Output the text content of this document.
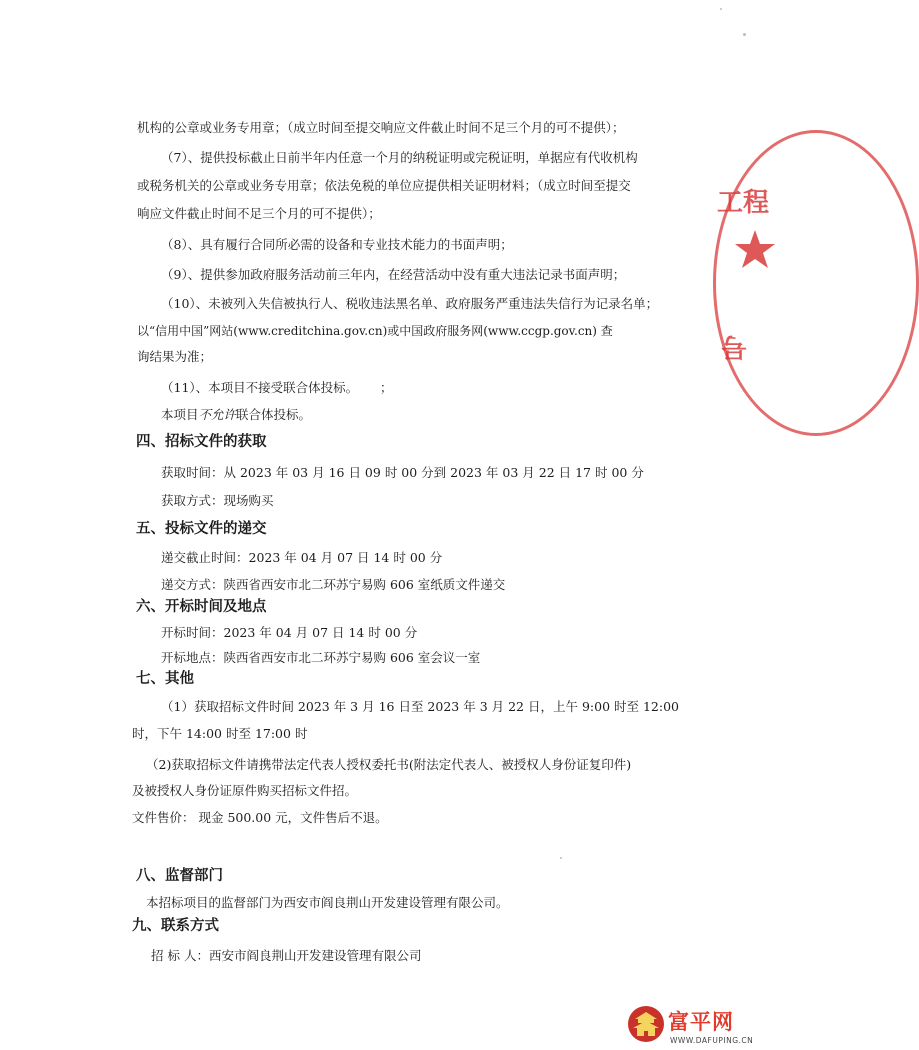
机构的公章或业务专用章；（成立时间至提交响应文件截止时间不足三个月的可不提供）；
（7）、提供投标截止日前半年内任意一个月的纳税证明或完税证明，单据应有代收机构
或税务机关的公章或业务专用章；依法免税的单位应提供相关证明材料；（成立时间至提交
响应文件截止时间不足三个月的可不提供）；
（8）、具有履行合同所必需的设备和专业技术能力的书面声明；
（9）、提供参加政府服务活动前三年内，在经营活动中没有重大违法记录书面声明；
（10）、未被列入失信被执行人、税收违法黑名单、政府服务严重违法失信行为记录名单；
以“信用中国”网站(www.creditchina.gov.cn)或中国政府服务网(www.ccgp.gov.cn) 查
询结果为准；
（11）、本项目不接受联合体投标。 ；
本项目不允许联合体投标。
四、招标文件的获取
获取时间：从 2023 年 03 月 16 日 09 时 00 分到 2023 年 03 月 22 日 17 时 00 分
获取方式：现场购买
五、投标文件的递交
递交截止时间：2023 年 04 月 07 日 14 时 00 分
递交方式：陕西省西安市北二环苏宁易购 606 室纸质文件递交
六、开标时间及地点
开标时间：2023 年 04 月 07 日 14 时 00 分
开标地点：陕西省西安市北二环苏宁易购 606 室会议一室
七、其他
（1）获取招标文件时间 2023 年 3 月 16 日至 2023 年 3 月 22 日，上午 9:00 时至 12:00
时，下午 14:00 时至 17:00 时
（2)获取招标文件请携带法定代表人授权委托书(附法定代表人、被授权人身份证复印件)
及被授权人身份证原件购买招标文件招。
文件售价： 现金 500.00 元，文件售后不退。
八、监督部门
本招标项目的监督部门为西安市阎良荆山开发建设管理有限公司。
九、联系方式
招 标 人：西安市阎良荆山开发建设管理有限公司
工程
号
富平网
WWW.DAFUPING.CN
